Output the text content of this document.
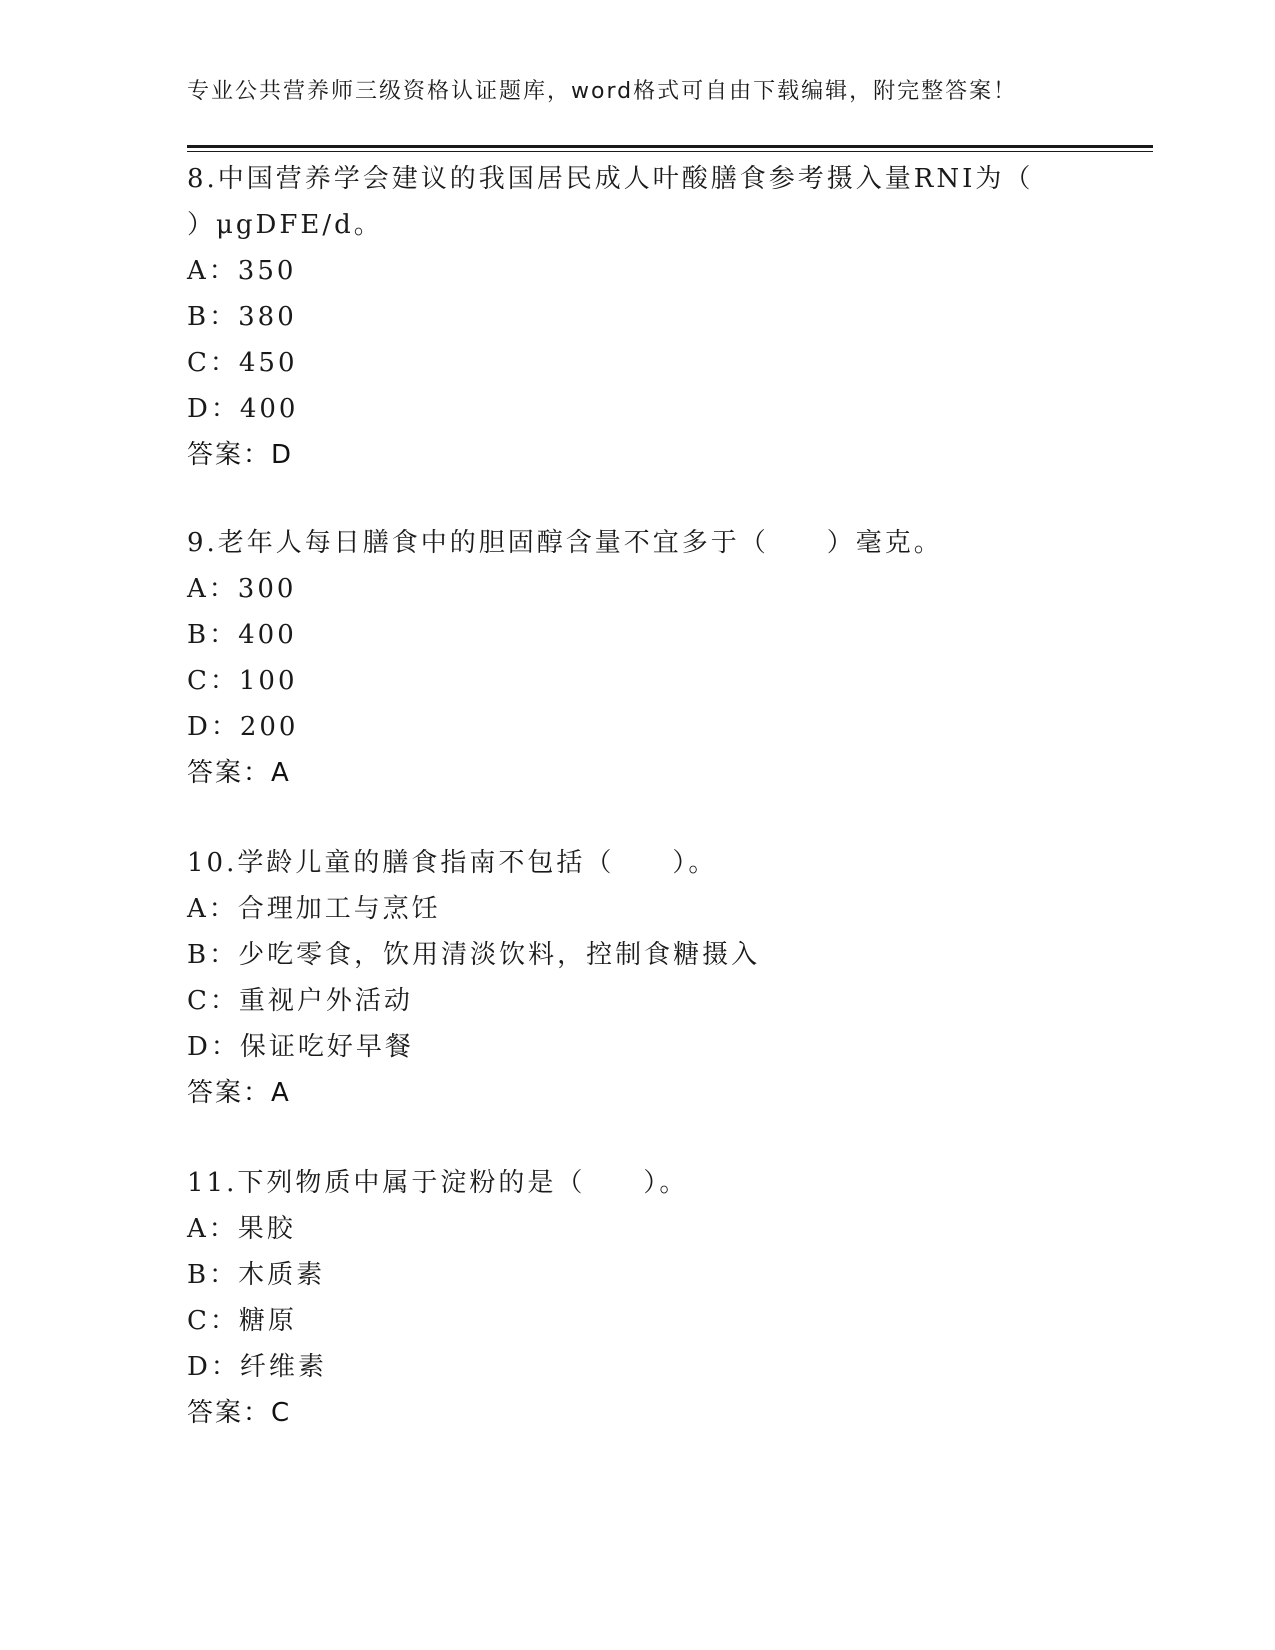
专业公共营养师三级资格认证题库，word格式可自由下载编辑，附完整答案！
8.中国营养学会建议的我国居民成人叶酸膳食参考摄入量RNI为（
）μgDFE/d。
A：350
B：380
C：450
D：400
答案：D
9.老年人每日膳食中的胆固醇含量不宜多于（　　）毫克。
A：300
B：400
C：100
D：200
答案：A
10.学龄儿童的膳食指南不包括（　　）。
A：合理加工与烹饪
B：少吃零食，饮用清淡饮料，控制食糖摄入
C：重视户外活动
D：保证吃好早餐
答案：A
11.下列物质中属于淀粉的是（　　）。
A：果胶
B：木质素
C：糖原
D：纤维素
答案：C
